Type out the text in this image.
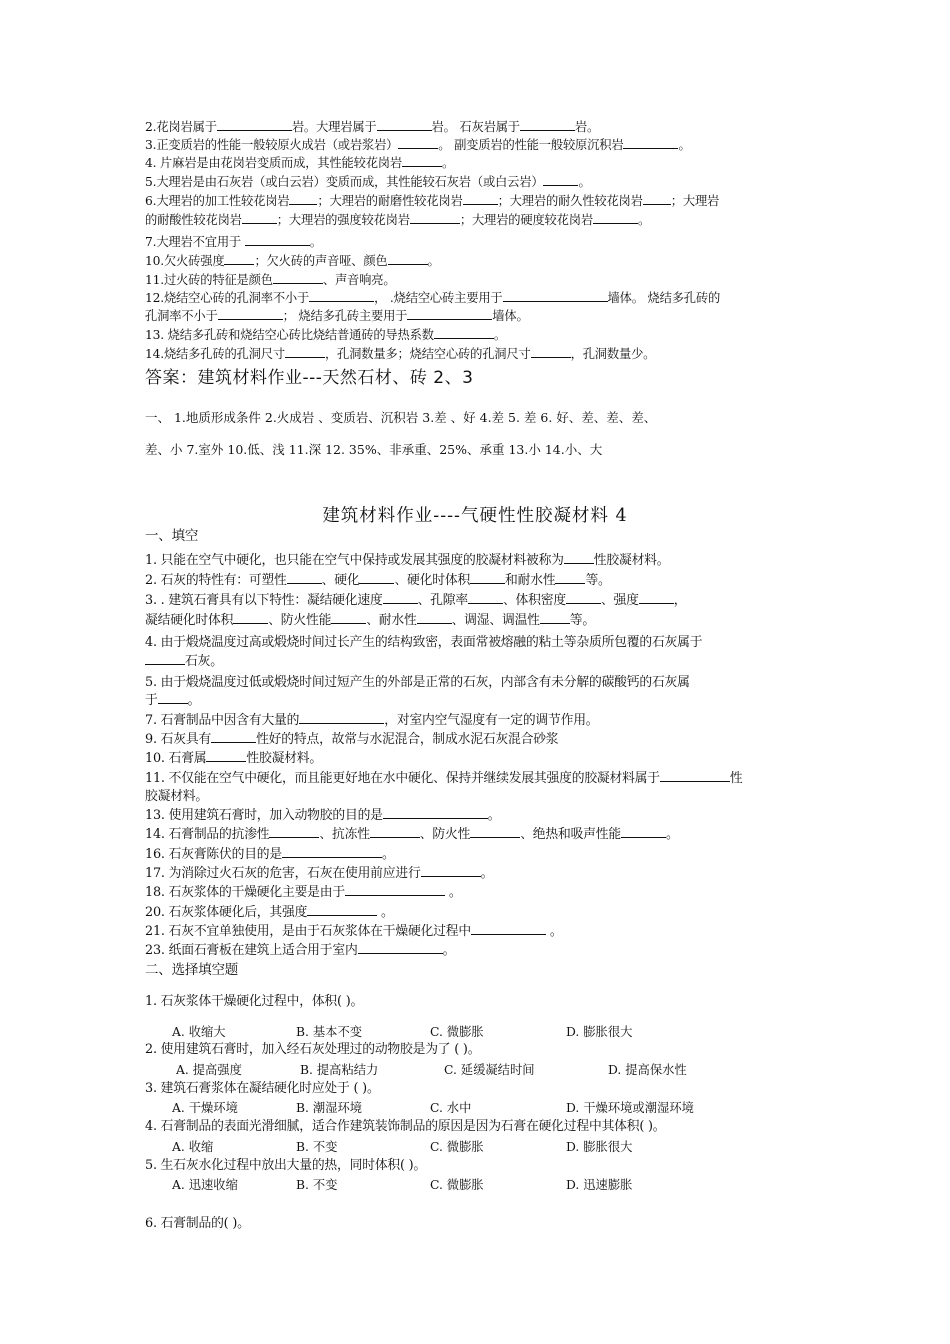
2.花岗岩属于	岩。大理岩属于	岩。 石灰岩属于	岩。
3.正变质岩的性能一般较原火成岩（或岩浆岩）	。 副变质岩的性能一般较原沉积岩	。
4. 片麻岩是由花岗岩变质而成，其性能较花岗岩	。
5.大理岩是由石灰岩（或白云岩）变质而成，其性能较石灰岩（或白云岩）	。
6.大理岩的加工性较花岗岩 ；大理岩的耐磨性较花岗岩	；大理岩的耐久性较花岗岩 ；大理岩
的耐酸性较花岗岩	；大理岩的强度较花岗岩	；大理岩的硬度较花岗岩	。
7.大理岩不宜用于	。
10.欠火砖强度 ；欠火砖的声音哑、颜色	。
11.过火砖的特征是颜色	、声音响亮。
12.烧结空心砖的孔洞率不小于	， .烧结空心砖主要用于	墙体。 烧结多孔砖的
孔洞率不小于	； 烧结多孔砖主要用于	墙体。
13. 烧结多孔砖和烧结空心砖比烧结普通砖的导热系数	。
14.烧结多孔砖的孔洞尺寸	，孔洞数量多；烧结空心砖的孔洞尺寸	，孔洞数量少。
答案：建筑材料作业---天然石材、砖 2、3
一、 1.地质形成条件 2.火成岩 、变质岩、沉积岩 3.差 、好 4.差 5. 差 6. 好、差、差、差、
差、小 7.室外 10.低、浅 11.深 12. 35%、非承重、25%、承重 13.小 14.小、大
建筑材料作业----气硬性性胶凝材料 4
一、填空
1. 只能在空气中硬化，也只能在空气中保持或发展其强度的胶凝材料被称为 性胶凝材料。
2. 石灰的特性有：可塑性	、硬化	、硬化时体积	和耐水性 等。
3. . 建筑石膏具有以下特性：凝结硬化速度	、孔隙率	、体积密度	、强度	，
凝结硬化时体积	、防火性能	、耐水性	、调湿、调温性 等。
4. 由于煅烧温度过高或煅烧时间过长产生的结构致密，表面常被熔融的粘土等杂质所包覆的石灰属于
石灰。
5. 由于煅烧温度过低或煅烧时间过短产生的外部是正常的石灰，内部含有未分解的碳酸钙的石灰属
于 。
7. 石膏制品中因含有大量的	，对室内空气湿度有一定的调节作用。
9. 石灰具有	性好的特点，故常与水泥混合，制成水泥石灰混合砂浆
10. 石膏属	性胶凝材料。
11. 不仅能在空气中硬化，而且能更好地在水中硬化、保持并继续发展其强度的胶凝材料属于	性
胶凝材料。
13. 使用建筑石膏时，加入动物胶的目的是	。
14. 石膏制品的抗渗性	、抗冻性	、防火性	、绝热和吸声性能	。
16. 石灰膏陈伏的目的是	。
17. 为消除过火石灰的危害，石灰在使用前应进行	。
18. 石灰浆体的干燥硬化主要是由于	。
20. 石灰浆体硬化后，其强度	。
21. 石灰不宜单独使用，是由于石灰浆体在干燥硬化过程中	。
23. 纸面石膏板在建筑上适合用于室内	。
二、选择填空题
1. 石灰浆体干燥硬化过程中，体积( )。
A. 收缩大	B. 基本不变	C. 微膨胀	D. 膨胀很大
2. 使用建筑石膏时，加入经石灰处理过的动物胶是为了 ( )。
A. 提高强度	B. 提高粘结力	C. 延缓凝结时间	D. 提高保水性
3. 建筑石膏浆体在凝结硬化时应处于 ( )。
A. 干燥环境	B. 潮湿环境	C. 水中	D. 干燥环境或潮湿环境
4. 石膏制品的表面光滑细腻，适合作建筑装饰制品的原因是因为石膏在硬化过程中其体积( )。
A. 收缩	B. 不变	C. 微膨胀	D. 膨胀很大
5. 生石灰水化过程中放出大量的热，同时体积( )。
A. 迅速收缩	B. 不变	C. 微膨胀	D. 迅速膨胀
6. 石膏制品的( )。
